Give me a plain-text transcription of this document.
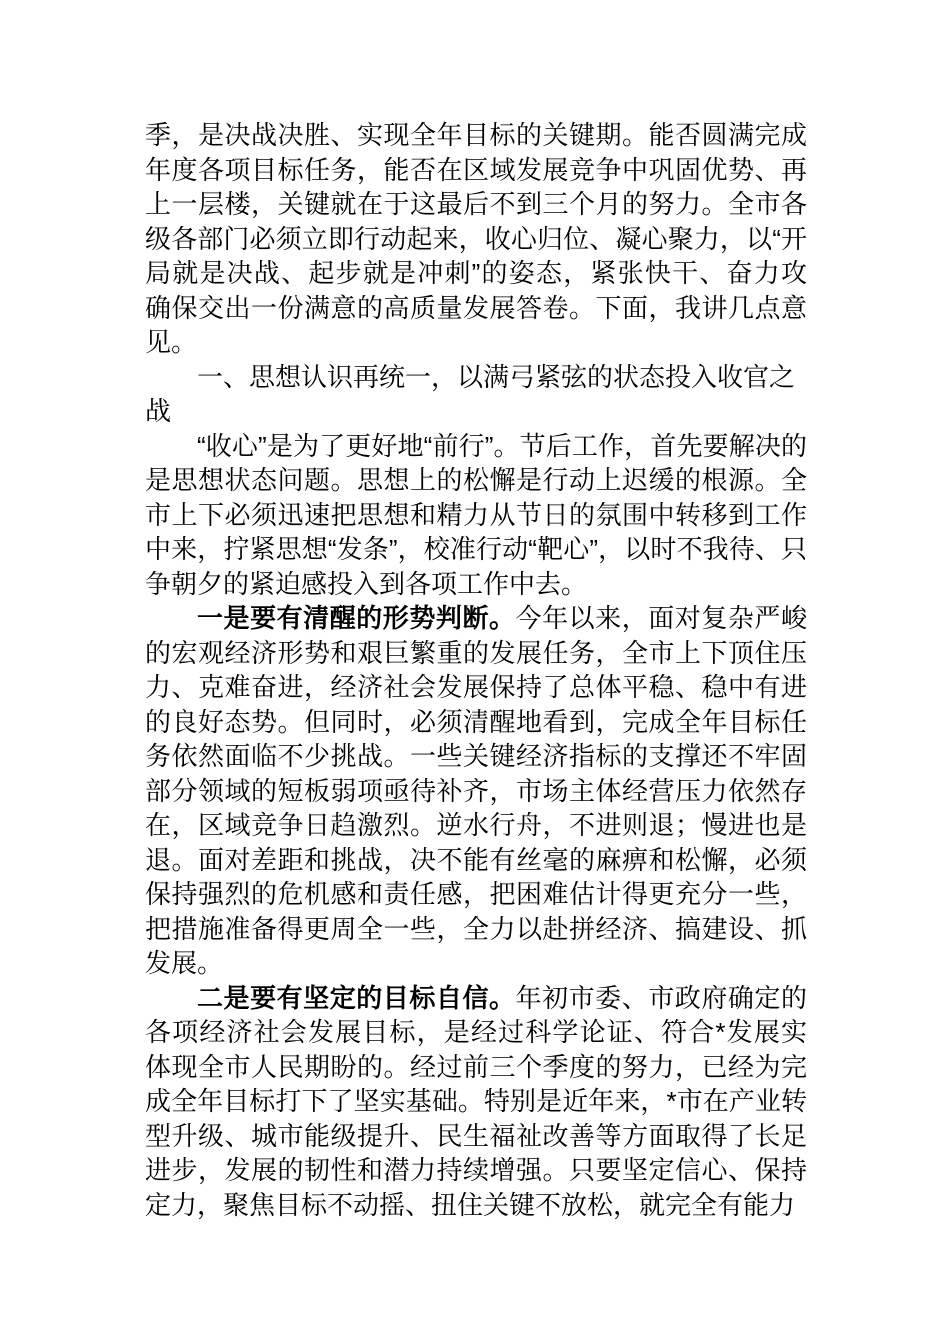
季，是决战决胜、实现全年目标的关键期。能否圆满完成
年度各项目标任务，能否在区域发展竞争中巩固优势、再
上一层楼，关键就在于这最后不到三个月的努力。全市各
级各部门必须立即行动起来，收心归位、凝心聚力，以“开
局就是决战、起步就是冲刺”的姿态，紧张快干、奋力攻
确保交出一份满意的高质量发展答卷。下面，我讲几点意
见。
一、思想认识再统一，以满弓紧弦的状态投入收官之
战
“收心”是为了更好地“前行”。节后工作，首先要解决的
是思想状态问题。思想上的松懈是行动上迟缓的根源。全
市上下必须迅速把思想和精力从节日的氛围中转移到工作
中来，拧紧思想“发条”，校准行动“靶心”，以时不我待、只
争朝夕的紧迫感投入到各项工作中去。
一是要有清醒的形势判断。今年以来，面对复杂严峻
的宏观经济形势和艰巨繁重的发展任务，全市上下顶住压
力、克难奋进，经济社会发展保持了总体平稳、稳中有进
的良好态势。但同时，必须清醒地看到，完成全年目标任
务依然面临不少挑战。一些关键经济指标的支撑还不牢固
部分领域的短板弱项亟待补齐，市场主体经营压力依然存
在，区域竞争日趋激烈。逆水行舟，不进则退；慢进也是
退。面对差距和挑战，决不能有丝毫的麻痹和松懈，必须
保持强烈的危机感和责任感，把困难估计得更充分一些，
把措施准备得更周全一些，全力以赴拼经济、搞建设、抓
发展。
二是要有坚定的目标自信。年初市委、市政府确定的
各项经济社会发展目标，是经过科学论证、符合*发展实
体现全市人民期盼的。经过前三个季度的努力，已经为完
成全年目标打下了坚实基础。特别是近年来，*市在产业转
型升级、城市能级提升、民生福祉改善等方面取得了长足
进步，发展的韧性和潜力持续增强。只要坚定信心、保持
定力，聚焦目标不动摇、扭住关键不放松，就完全有能力
